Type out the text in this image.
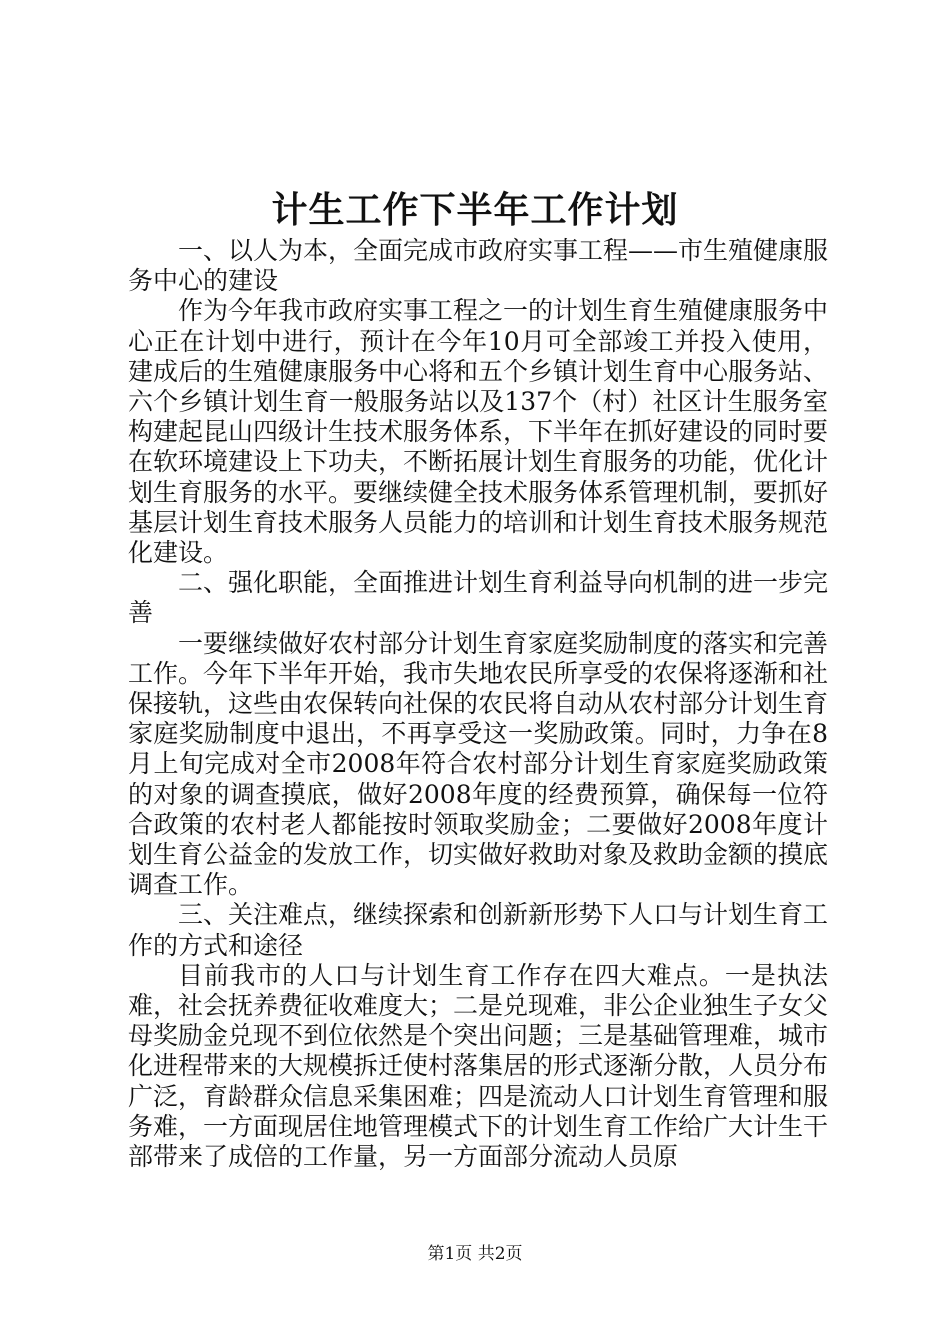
计生工作下半年工作计划

一、以人为本，全面完成市政府实事工程——市生殖健康服务中心的建设

作为今年我市政府实事工程之一的计划生育生殖健康服务中心正在计划中进行，预计在今年10月可全部竣工并投入使用，建成后的生殖健康服务中心将和五个乡镇计划生育中心服务站、六个乡镇计划生育一般服务站以及137个（村）社区计生服务室构建起昆山四级计生技术服务体系，下半年在抓好建设的同时要在软环境建设上下功夫，不断拓展计划生育服务的功能，优化计划生育服务的水平。要继续健全技术服务体系管理机制，要抓好基层计划生育技术服务人员能力的培训和计划生育技术服务规范化建设。

二、强化职能，全面推进计划生育利益导向机制的进一步完善

一要继续做好农村部分计划生育家庭奖励制度的落实和完善工作。今年下半年开始，我市失地农民所享受的农保将逐渐和社保接轨，这些由农保转向社保的农民将自动从农村部分计划生育家庭奖励制度中退出，不再享受这一奖励政策。同时，力争在8月上旬完成对全市2008年符合农村部分计划生育家庭奖励政策的对象的调查摸底，做好2008年度的经费预算，确保每一位符合政策的农村老人都能按时领取奖励金；二要做好2008年度计划生育公益金的发放工作，切实做好救助对象及救助金额的摸底调查工作。

三、关注难点，继续探索和创新新形势下人口与计划生育工作的方式和途径

目前我市的人口与计划生育工作存在四大难点。一是执法难，社会抚养费征收难度大；二是兑现难，非公企业独生子女父母奖励金兑现不到位依然是个突出问题；三是基础管理难，城市化进程带来的大规模拆迁使村落集居的形式逐渐分散，人员分布广泛，育龄群众信息采集困难；四是流动人口计划生育管理和服务难，一方面现居住地管理模式下的计划生育工作给广大计生干部带来了成倍的工作量，另一方面部分流动人员原

第1页 共2页
